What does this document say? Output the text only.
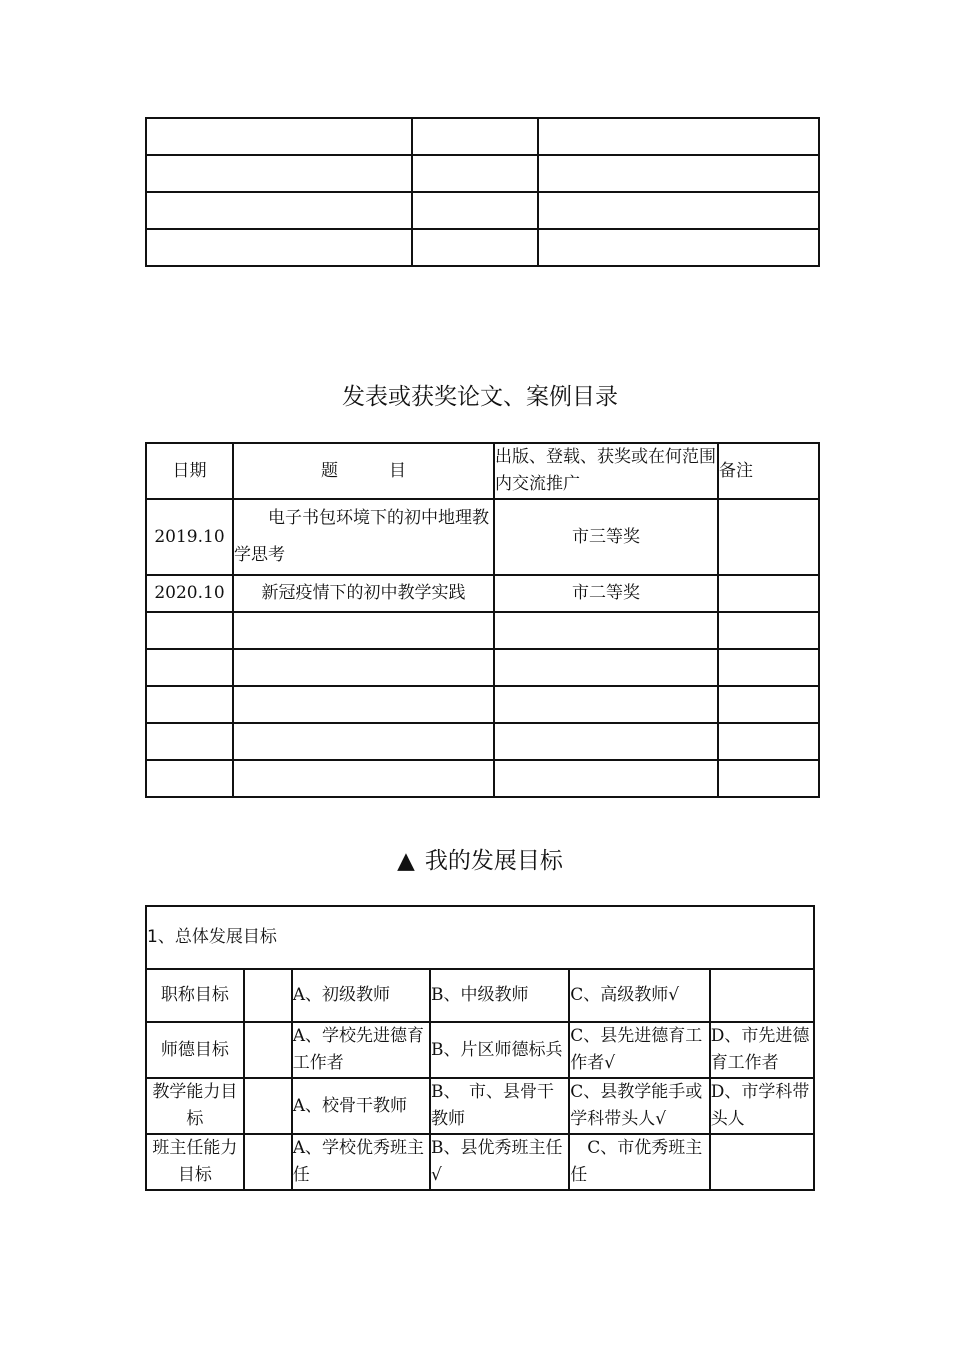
发表或获奖论文、案例目录
日期	题　　　目	出版、登载、获奖或在何范围内交流推广	备注
2019.10	电子书包环境下的初中地理教学思考	市三等奖	
2020.10	新冠疫情下的初中教学实践	市二等奖	

▲ 我的发展目标
1、总体发展目标					
职称目标		A、初级教师	B、中级教师	C、高级教师√	
师德目标		A、学校先进德育工作者	B、片区师德标兵	C、县先进德育工作者√	D、市先进德育工作者
教学能力目标		A、校骨干教师	B、　市、县骨干教师	C、县教学能手或学科带头人√	D、市学科带头人
班主任能力目标		A、学校优秀班主任	B、县优秀班主任√	　C、市优秀班主任	
